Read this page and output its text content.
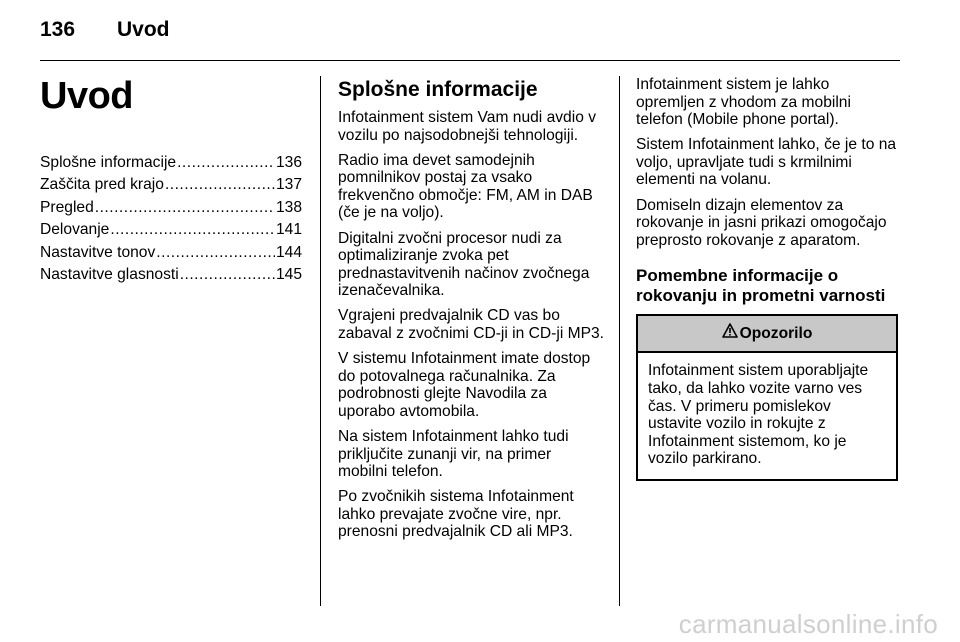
136 Uvod
Uvod
Splošne informacije .....	136
Zaščita pred krajo .....	137
Pregled .....	138
Delovanje .....	141
Nastavitve tonov .....	144
Nastavitve glasnosti .....	145
Splošne informacije

Infotainment sistem Vam nudi avdio v vozilu po najsodobnejši tehnologiji.

Radio ima devet samodejnih pomnilnikov postaj za vsako frekvenčno območje: FM, AM in DAB (če je na voljo).

Digitalni zvočni procesor nudi za optimaliziranje zvoka pet prednastavitvenih načinov zvočnega izenačevalnika.

Vgrajeni predvajalnik CD vas bo zabaval z zvočnimi CD-ji in CD-ji MP3.

V sistemu Infotainment imate dostop do potovalnega računalnika. Za podrobnosti glejte Navodila za uporabo avtomobila.

Na sistem Infotainment lahko tudi priključite zunanji vir, na primer mobilni telefon.

Po zvočnikih sistema Infotainment lahko prevajate zvočne vire, npr. prenosni predvajalnik CD ali MP3.

Infotainment sistem je lahko opremljen z vhodom za mobilni telefon (Mobile phone portal).

Sistem Infotainment lahko, če je to na voljo, upravljate tudi s krmilnimi elementi na volanu.

Domiseln dizajn elementov za rokovanje in jasni prikazi omogočajo preprosto rokovanje z aparatom.

Pomembne informacije o rokovanju in prometni varnosti
Opozorilo
Infotainment sistem uporabljajte tako, da lahko vozite varno ves čas. V primeru pomislekov ustavite vozilo in rokujte z Infotainment sistemom, ko je vozilo parkirano.
carmanualsonline.info
